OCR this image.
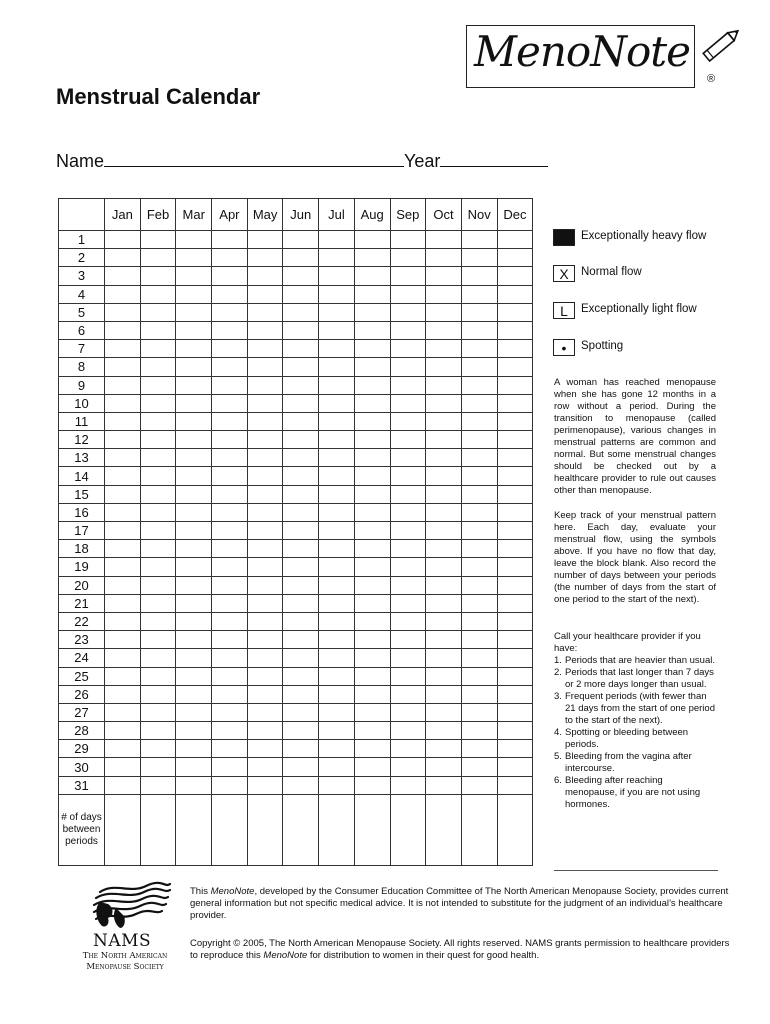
MenoNote
®
Menstrual Calendar
Name	Year
	Jan	Feb	Mar	Apr	May	Jun	Jul	Aug	Sep	Oct	Nov	Dec
1												
2												
3												
4												
5												
6												
7												
8												
9												
10												
11												
12												
13												
14												
15												
16												
17												
18												
19												
20												
21												
22												
23												
24												
25												
26												
27												
28												
29												
30												
31												

# of days
between
periods												

Exceptionally heavy flow
X	Normal flow
L	Exceptionally light flow
•	Spotting
A woman has reached menopause when she has gone 12 months in a row without a period. During the transition to menopause (called perimenopause), various changes in menstrual patterns are common and normal. But some menstrual changes should be checked out by a healthcare provider to rule out causes other than menopause.
Keep track of your menstrual pattern here. Each day, evaluate your menstrual flow, using the symbols above. If you have no flow that day, leave the block blank. Also record the number of days between your periods (the number of days from the start of one period to the start of the next).
Call your healthcare provider if you have:
1. Periods that are heavier than usual.
2. Periods that last longer than 7 days or 2 more days longer than usual.
3. Frequent periods (with fewer than 21 days from the start of one period to the start of the next).
4. Spotting or bleeding between periods.
5. Bleeding from the vagina after intercourse.
6. Bleeding after reaching menopause, if you are not using hormones.
NAMS
The North American
Menopause Society
This MenoNote, developed by the Consumer Education Committee of The North American Menopause Society, provides current general information but not specific medical advice. It is not intended to substitute for the judgment of an individual’s healthcare provider.
Copyright © 2005, The North American Menopause Society. All rights reserved. NAMS grants permission to healthcare providers to reproduce this MenoNote for distribution to women in their quest for good health.
